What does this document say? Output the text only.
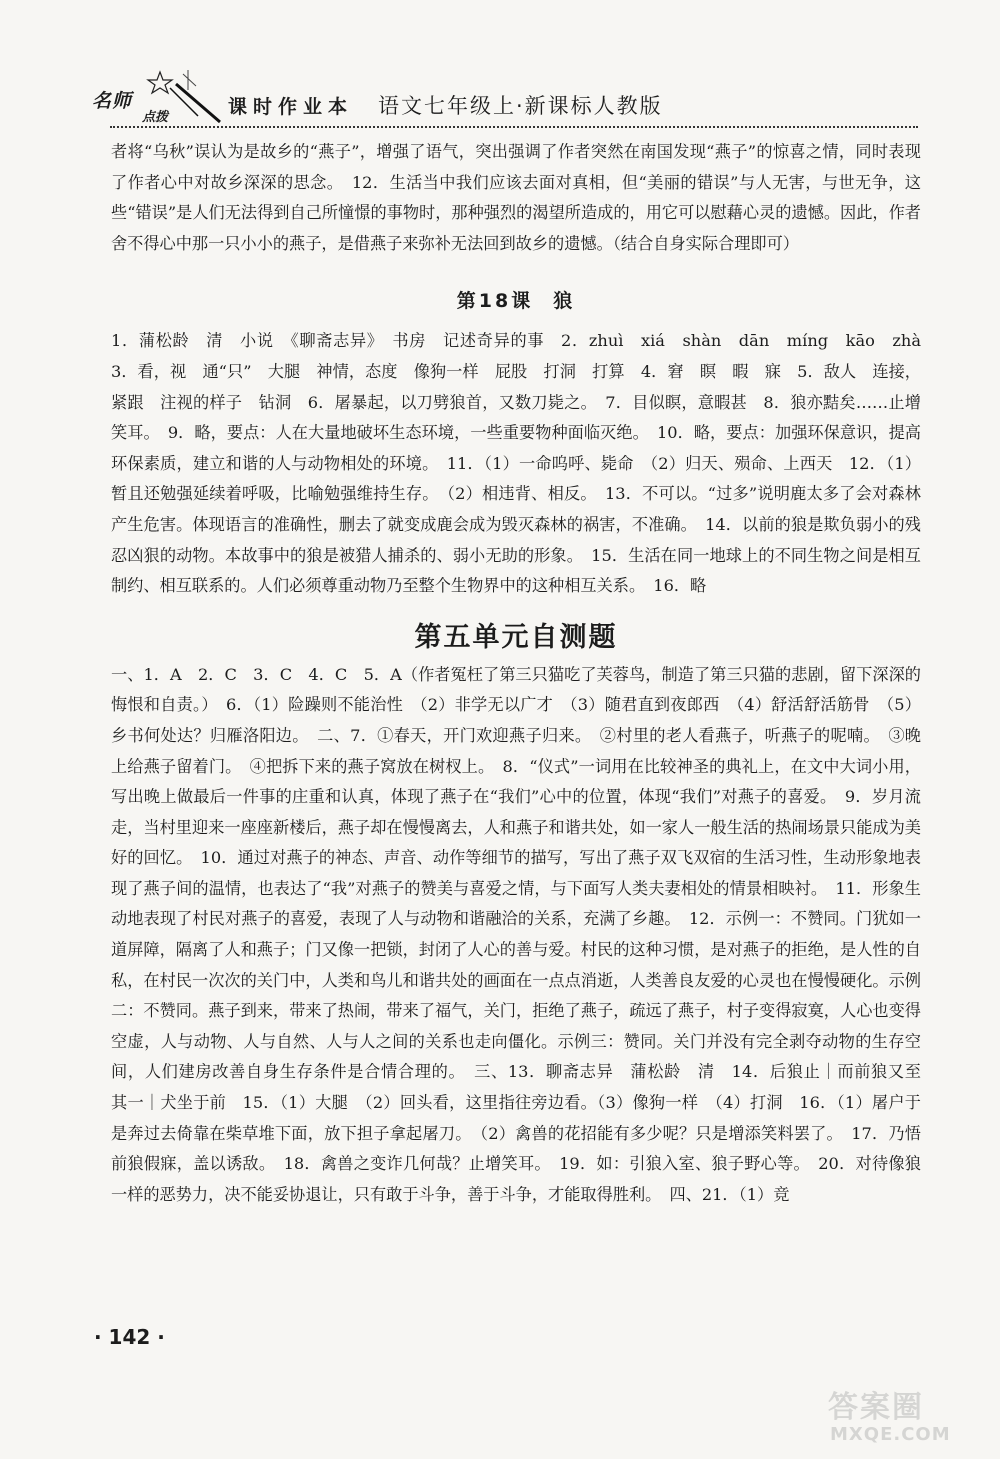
名师
点拨	课时作业本 语文七年级上·新课标人教版

者将“乌秋”误认为是故乡的“燕子”，增强了语气，突出强调了作者突然在南国发现“燕子”的惊喜之情，同时表现了作者心中对故乡深深的思念。　12．生活当中我们应该去面对真相，但“美丽的错误”与人无害，与世无争，这些“错误”是人们无法得到自己所憧憬的事物时，那种强烈的渴望所造成的，用它可以慰藉心灵的遗憾。因此，作者舍不得心中那一只小小的燕子，是借燕子来弥补无法回到故乡的遗憾。（结合自身实际合理即可）

第18课 狼

1．蒲松龄　清　小说　《聊斋志异》　书房　记述奇异的事　2．zhuì　xiá　shàn　dān　míng　kāo　zhà　3．看，视　通“只”　大腿　神情，态度　像狗一样　屁股　打洞　打算　4．窘　瞑　暇　寐　5．敌人　连接，紧跟　注视的样子　钻洞　6．屠暴起，以刀劈狼首，又数刀毙之。　7．目似瞑，意暇甚　8．狼亦黠矣……止增笑耳。　9．略，要点：人在大量地破坏生态环境，一些重要物种面临灭绝。　10．略，要点：加强环保意识，提高环保素质，建立和谐的人与动物相处的环境。　11．（1）一命呜呼、毙命　（2）归天、殒命、上西天　12．（1）暂且还勉强延续着呼吸，比喻勉强维持生存。　（2）相违背、相反。　13．不可以。“过多”说明鹿太多了会对森林产生危害。体现语言的准确性，删去了就变成鹿会成为毁灭森林的祸害，不准确。　14．以前的狼是欺负弱小的残忍凶狠的动物。本故事中的狼是被猎人捕杀的、弱小无助的形象。　15．生活在同一地球上的不同生物之间是相互制约、相互联系的。人们必须尊重动物乃至整个生物界中的这种相互关系。　16．略

第五单元自测题

一、1．A　2．C　3．C　4．C　5．A（作者冤枉了第三只猫吃了芙蓉鸟，制造了第三只猫的悲剧，留下深深的悔恨和自责。）　6．（1）险躁则不能治性　（2）非学无以广才　（3）随君直到夜郎西　（4）舒活舒活筋骨　（5）乡书何处达？归雁洛阳边。　二、7．①春天，开门欢迎燕子归来。　②村里的老人看燕子，听燕子的呢喃。　③晚上给燕子留着门。　④把拆下来的燕子窝放在树杈上。　8．“仪式”一词用在比较神圣的典礼上，在文中大词小用，写出晚上做最后一件事的庄重和认真，体现了燕子在“我们”心中的位置，体现“我们”对燕子的喜爱。　9．岁月流走，当村里迎来一座座新楼后，燕子却在慢慢离去，人和燕子和谐共处，如一家人一般生活的热闹场景只能成为美好的回忆。　10．通过对燕子的神态、声音、动作等细节的描写，写出了燕子双飞双宿的生活习性，生动形象地表现了燕子间的温情，也表达了“我”对燕子的赞美与喜爱之情，与下面写人类夫妻相处的情景相映衬。　11．形象生动地表现了村民对燕子的喜爱，表现了人与动物和谐融洽的关系，充满了乡趣。　12．示例一：不赞同。门犹如一道屏障，隔离了人和燕子；门又像一把锁，封闭了人心的善与爱。村民的这种习惯，是对燕子的拒绝，是人性的自私，在村民一次次的关门中，人类和鸟儿和谐共处的画面在一点点消逝，人类善良友爱的心灵也在慢慢硬化。示例二：不赞同。燕子到来，带来了热闹，带来了福气，关门，拒绝了燕子，疏远了燕子，村子变得寂寞，人心也变得空虚，人与动物、人与自然、人与人之间的关系也走向僵化。示例三：赞同。关门并没有完全剥夺动物的生存空间，人们建房改善自身生存条件是合情合理的。　三、13．聊斋志异　蒲松龄　清　14．后狼止｜而前狼又至　其一｜犬坐于前　15．（1）大腿　（2）回头看，这里指往旁边看。（3）像狗一样　（4）打洞　16．（1）屠户于是奔过去倚靠在柴草堆下面，放下担子拿起屠刀。　（2）禽兽的花招能有多少呢？只是增添笑料罢了。　17．乃悟前狼假寐，盖以诱敌。　18．禽兽之变诈几何哉？止增笑耳。　19．如：引狼入室、狼子野心等。　20．对待像狼一样的恶势力，决不能妥协退让，只有敢于斗争，善于斗争，才能取得胜利。　四、21．（1）竞

· 142 ·
答案圈
MXQE.COM
